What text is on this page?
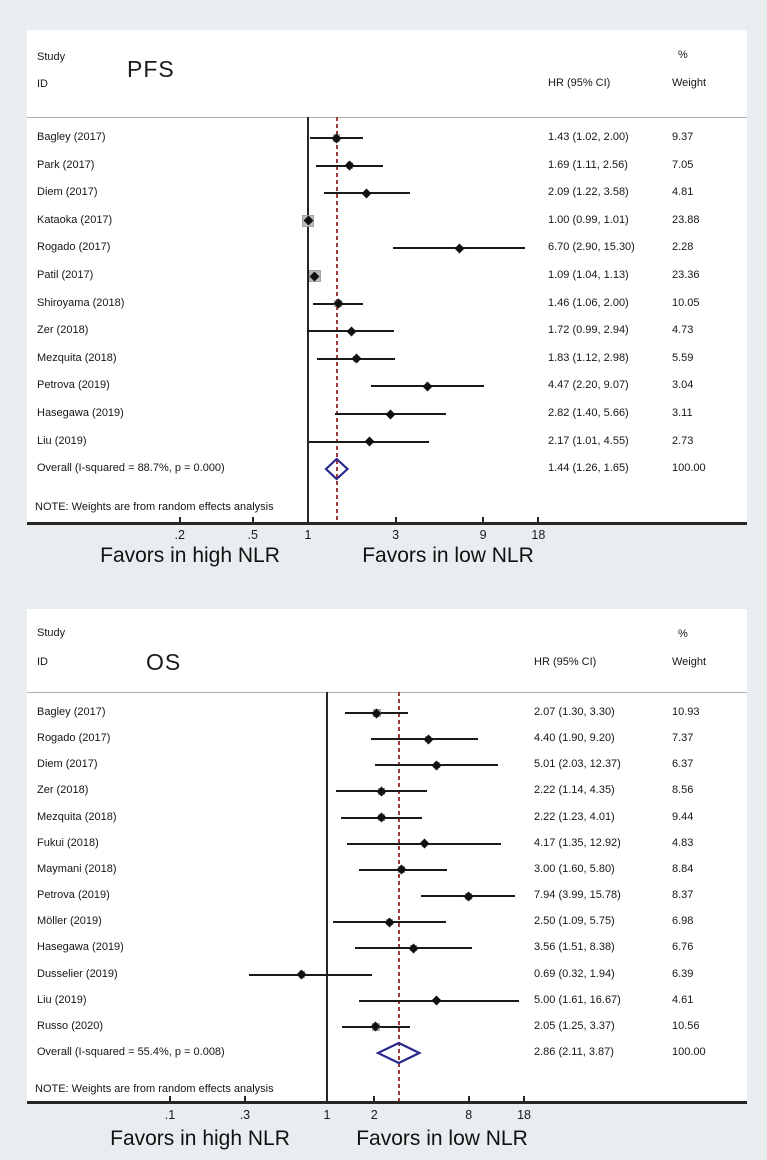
Study
ID
%
HR (95% CI)	Weight
PFS
Bagley (2017)	1.43 (1.02, 2.00)	9.37
Park (2017)	1.69 (1.11, 2.56)	7.05
Diem (2017)	2.09 (1.22, 3.58)	4.81
Kataoka (2017)	1.00 (0.99, 1.01)	23.88
Rogado (2017)	6.70 (2.90, 15.30)	2.28
Patil (2017)	1.09 (1.04, 1.13)	23.36
Shiroyama (2018)	1.46 (1.06, 2.00)	10.05
Zer (2018)	1.72 (0.99, 2.94)	4.73
Mezquita (2018)	1.83 (1.12, 2.98)	5.59
Petrova (2019)	4.47 (2.20, 9.07)	3.04
Hasegawa (2019)	2.82 (1.40, 5.66)	3.11
Liu (2019)	2.17 (1.01, 4.55)	2.73
Overall (I-squared = 88.7%, p = 0.000)	1.44 (1.26, 1.65)	100.00
NOTE: Weights are from random effects analysis
Study
ID
%
HR (95% CI)	Weight
OS
Bagley (2017)	2.07 (1.30, 3.30)	10.93
Rogado (2017)	4.40 (1.90, 9.20)	7.37
Diem (2017)	5.01 (2.03, 12.37)	6.37
Zer (2018)	2.22 (1.14, 4.35)	8.56
Mezquita (2018)	2.22 (1.23, 4.01)	9.44
Fukui (2018)	4.17 (1.35, 12.92)	4.83
Maymani (2018)	3.00 (1.60, 5.80)	8.84
Petrova (2019)	7.94 (3.99, 15.78)	8.37
Möller (2019)	2.50 (1.09, 5.75)	6.98
Hasegawa (2019)	3.56 (1.51, 8.38)	6.76
Dusselier (2019)	0.69 (0.32, 1.94)	6.39
Liu (2019)	5.00 (1.61, 16.67)	4.61
Russo (2020)	2.05 (1.25, 3.37)	10.56
Overall (I-squared = 55.4%, p = 0.008)	2.86 (2.11, 3.87)	100.00
NOTE: Weights are from random effects analysis
.2	.5	1	3	9	18
Favors in high NLR	Favors in low NLR
.1	.3	1	2	8	18
Favors in high NLR	Favors in low NLR
